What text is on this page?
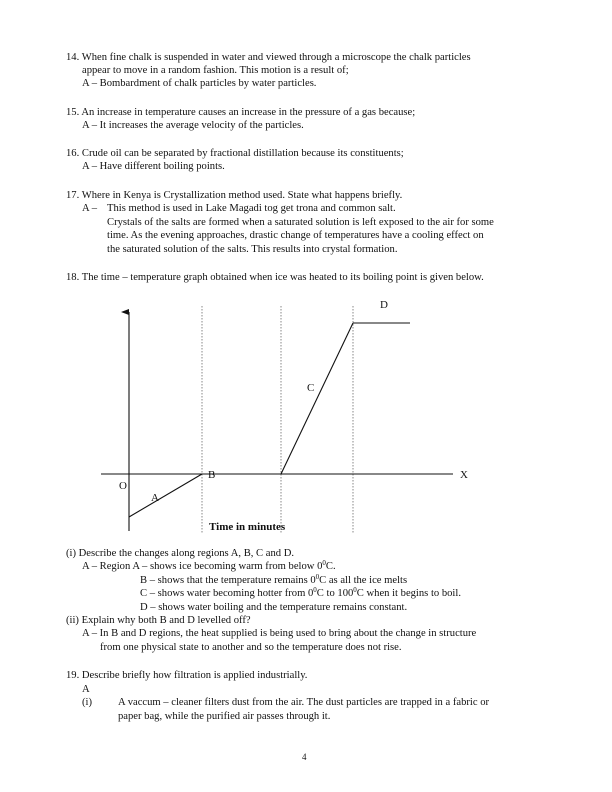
14. When fine chalk is suspended in water and viewed through a microscope the chalk particles
appear to move in a random fashion. This motion is a result of;
A – Bombardment of chalk particles by water particles.
15. An increase in temperature causes an increase in the pressure of a gas because;
A – It increases the average velocity of the particles.
16. Crude oil can be separated by fractional distillation because its constituents;
A – Have different boiling points.
17. Where in Kenya is Crystallization method used. State what happens briefly.
A – This method is used in Lake Magadi tog get trona and common salt.
Crystals of the salts are formed when a saturated solution is left exposed to the air for some
time. As the evening approaches, drastic change of temperatures have a cooling effect on
the saturated solution of the salts. This results into crystal formation.
18. The time – temperature graph obtained when ice was heated to its boiling point is given below.
X
O
A
B
C
D
Time in minutes
(i) Describe the changes along regions A, B, C and D.
A – Region A – shows ice becoming warm from below $0^0C$.
B – shows that the temperature remains $0^0C$ as all the ice melts
C – shows water becoming hotter from $0^0C$ to $100^0C$ when it begins to boil.
D – shows water boiling and the temperature remains constant.
(ii) Explain why both B and D levelled off?
A – In B and D regions, the heat supplied is being used to bring about the change in structure
from one physical state to another and so the temperature does not rise.
19. Describe briefly how filtration is applied industrially.
A
(i) A vaccum – cleaner filters dust from the air. The dust particles are trapped in a fabric or
paper bag, while the purified air passes through it.
4
